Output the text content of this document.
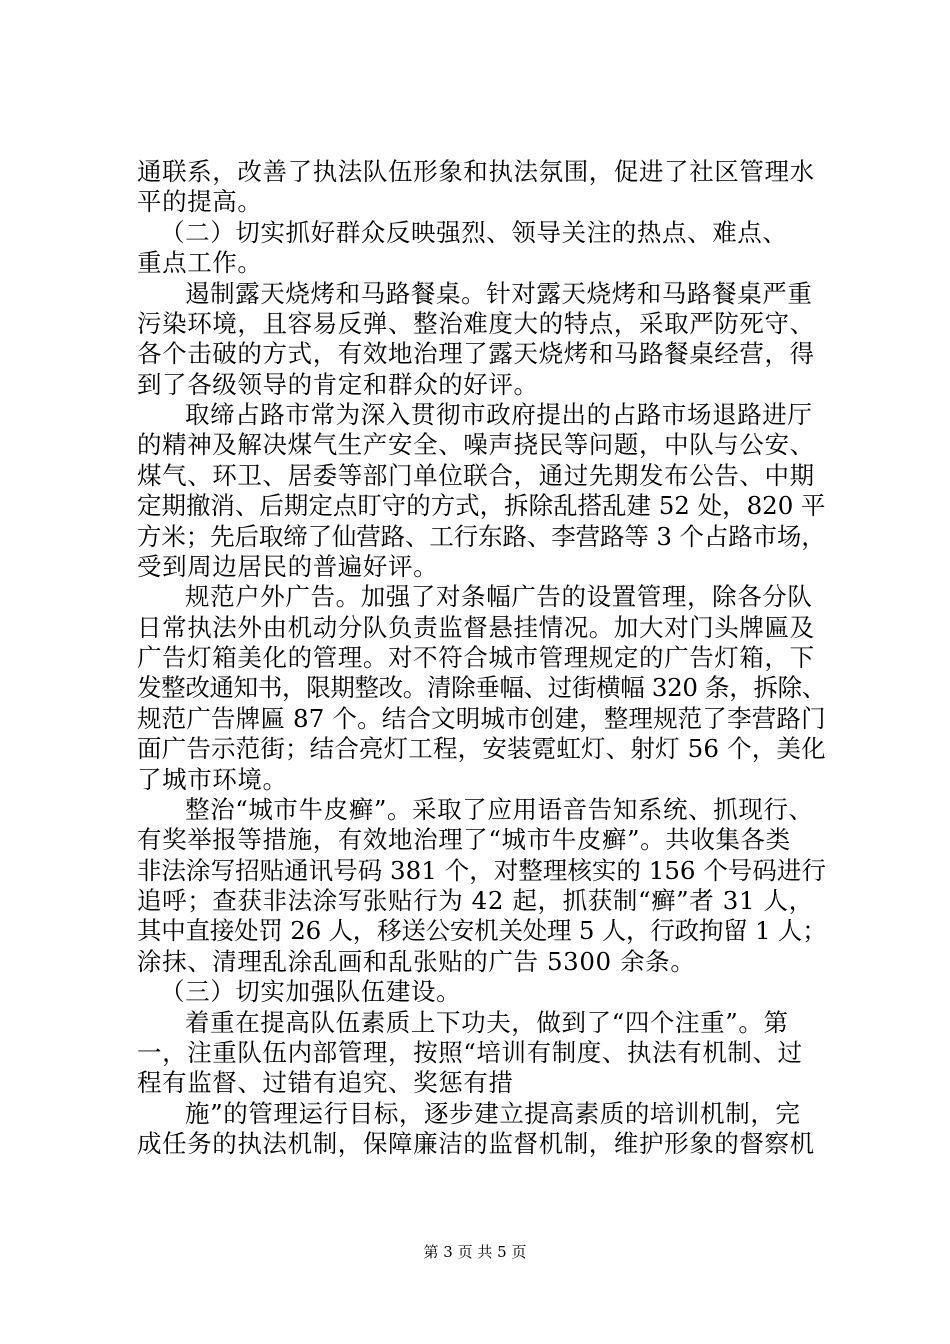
通联系，改善了执法队伍形象和执法氛围，促进了社区管理水
平的提高。
（二）切实抓好群众反映强烈、领导关注的热点、难点、
重点工作。
遏制露天烧烤和马路餐桌。针对露天烧烤和马路餐桌严重
污染环境，且容易反弹、整治难度大的特点，采取严防死守、
各个击破的方式，有效地治理了露天烧烤和马路餐桌经营，得
到了各级领导的肯定和群众的好评。
取缔占路市常为深入贯彻市政府提出的占路市场退路进厅
的精神及解决煤气生产安全、噪声挠民等问题，中队与公安、
煤气、环卫、居委等部门单位联合，通过先期发布公告、中期
定期撤消、后期定点盯守的方式，拆除乱搭乱建 52 处，820 平
方米；先后取缔了仙营路、工行东路、李营路等 3 个占路市场，
受到周边居民的普遍好评。
规范户外广告。加强了对条幅广告的设置管理，除各分队
日常执法外由机动分队负责监督悬挂情况。加大对门头牌匾及
广告灯箱美化的管理。对不符合城市管理规定的广告灯箱，下
发整改通知书，限期整改。清除垂幅、过街横幅 320 条，拆除、
规范广告牌匾 87 个。结合文明城市创建，整理规范了李营路门
面广告示范街；结合亮灯工程，安装霓虹灯、射灯 56 个，美化
了城市环境。
整治“城市牛皮癣”。采取了应用语音告知系统、抓现行、
有奖举报等措施，有效地治理了“城市牛皮癣”。共收集各类
非法涂写招贴通讯号码 381 个，对整理核实的 156 个号码进行
追呼；查获非法涂写张贴行为 42 起，抓获制“癣”者 31 人，
其中直接处罚 26 人，移送公安机关处理 5 人，行政拘留 1 人；
涂抹、清理乱涂乱画和乱张贴的广告 5300 余条。
（三）切实加强队伍建设。
着重在提高队伍素质上下功夫，做到了“四个注重”。第
一，注重队伍内部管理，按照“培训有制度、执法有机制、过
程有监督、过错有追究、奖惩有措
施”的管理运行目标，逐步建立提高素质的培训机制，完
成任务的执法机制，保障廉洁的监督机制，维护形象的督察机
第 3 页 共 5 页
